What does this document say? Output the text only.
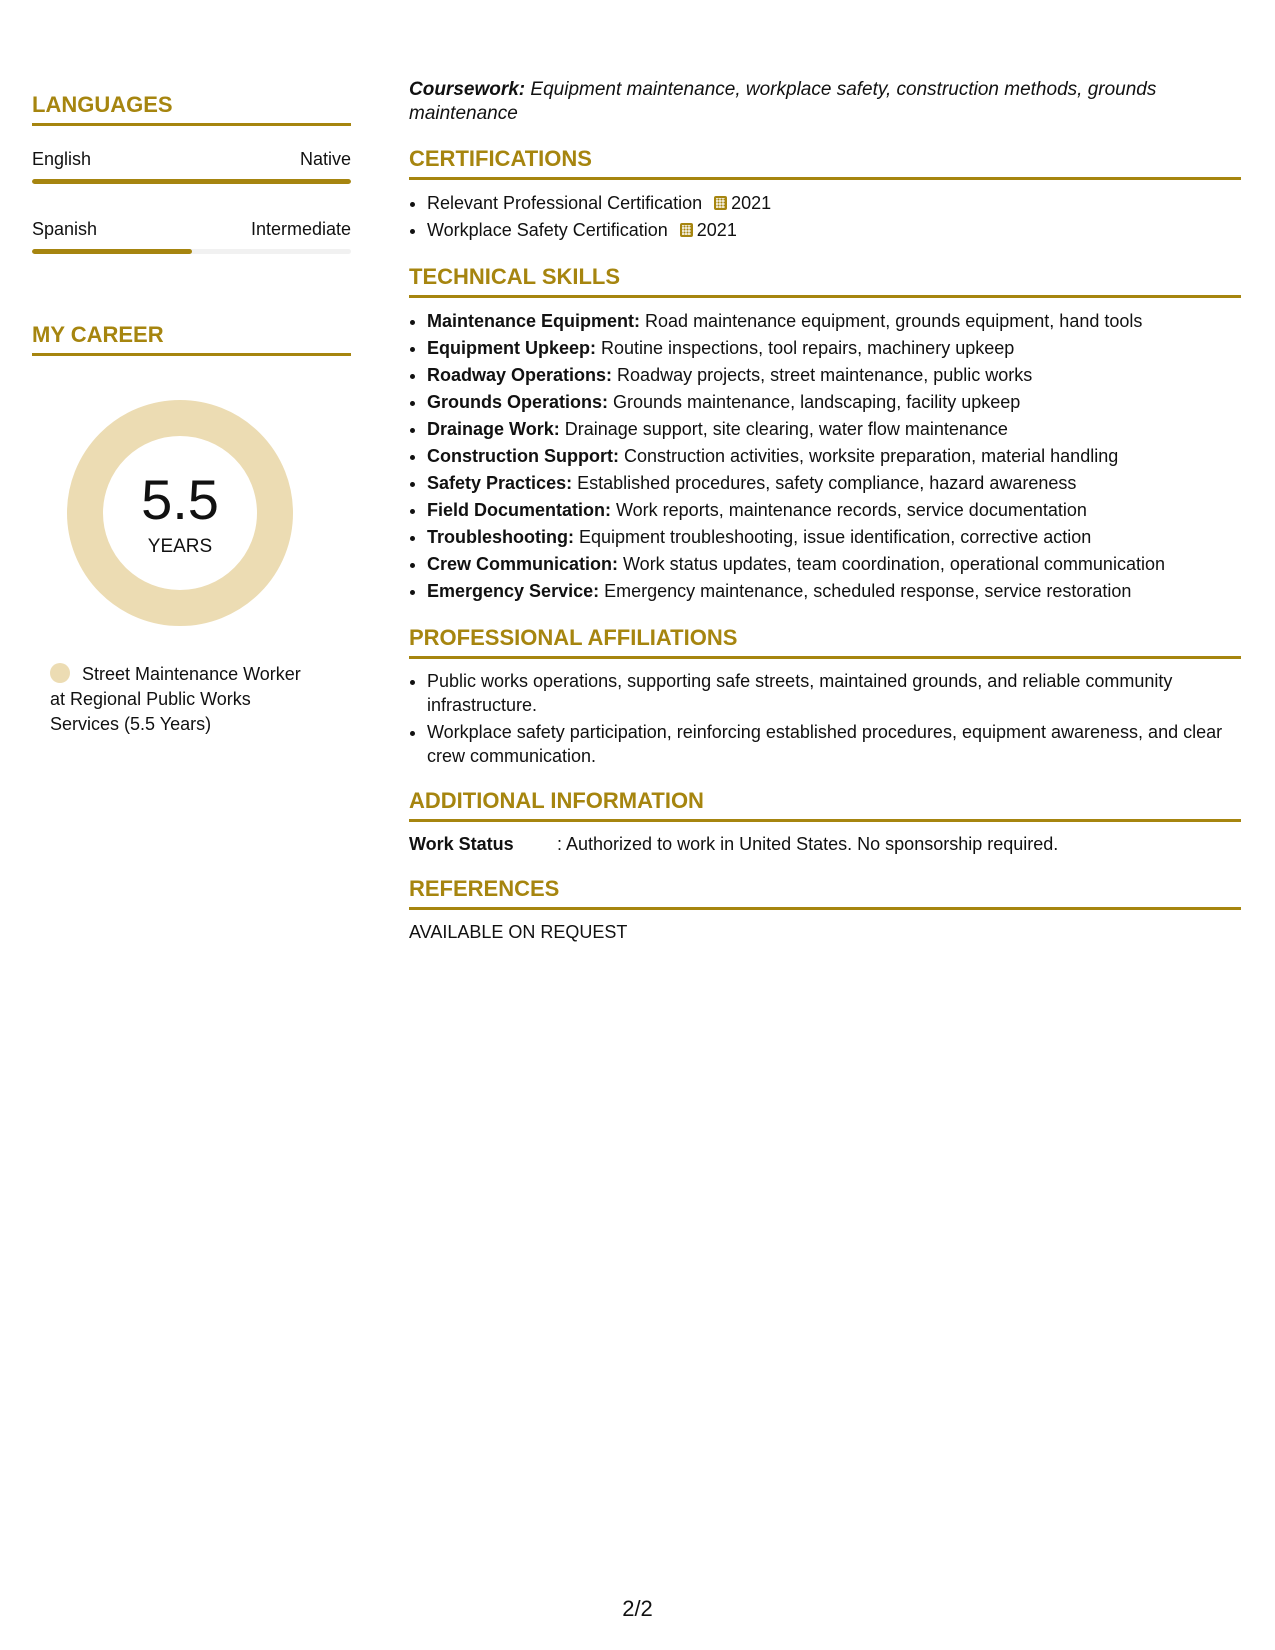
LANGUAGES
English	Native
Spanish	Intermediate
MY CAREER
5.5
YEARS
Street Maintenance Worker at Regional Public Works Services (5.5 Years)

Coursework: Equipment maintenance, workplace safety, construction methods, grounds maintenance

CERTIFICATIONS
• Relevant Professional Certification 2021
• Workplace Safety Certification 2021
TECHNICAL SKILLS
• Maintenance Equipment: Road maintenance equipment, grounds equipment, hand tools
• Equipment Upkeep: Routine inspections, tool repairs, machinery upkeep
• Roadway Operations: Roadway projects, street maintenance, public works
• Grounds Operations: Grounds maintenance, landscaping, facility upkeep
• Drainage Work: Drainage support, site clearing, water flow maintenance
• Construction Support: Construction activities, worksite preparation, material handling
• Safety Practices: Established procedures, safety compliance, hazard awareness
• Field Documentation: Work reports, maintenance records, service documentation
• Troubleshooting: Equipment troubleshooting, issue identification, corrective action
• Crew Communication: Work status updates, team coordination, operational communication
• Emergency Service: Emergency maintenance, scheduled response, service restoration
PROFESSIONAL AFFILIATIONS
• Public works operations, supporting safe streets, maintained grounds, and reliable community infrastructure.
• Workplace safety participation, reinforcing established procedures, equipment awareness, and clear crew communication.
ADDITIONAL INFORMATION
Work Status	: Authorized to work in United States. No sponsorship required.
REFERENCES
AVAILABLE ON REQUEST
2/2
